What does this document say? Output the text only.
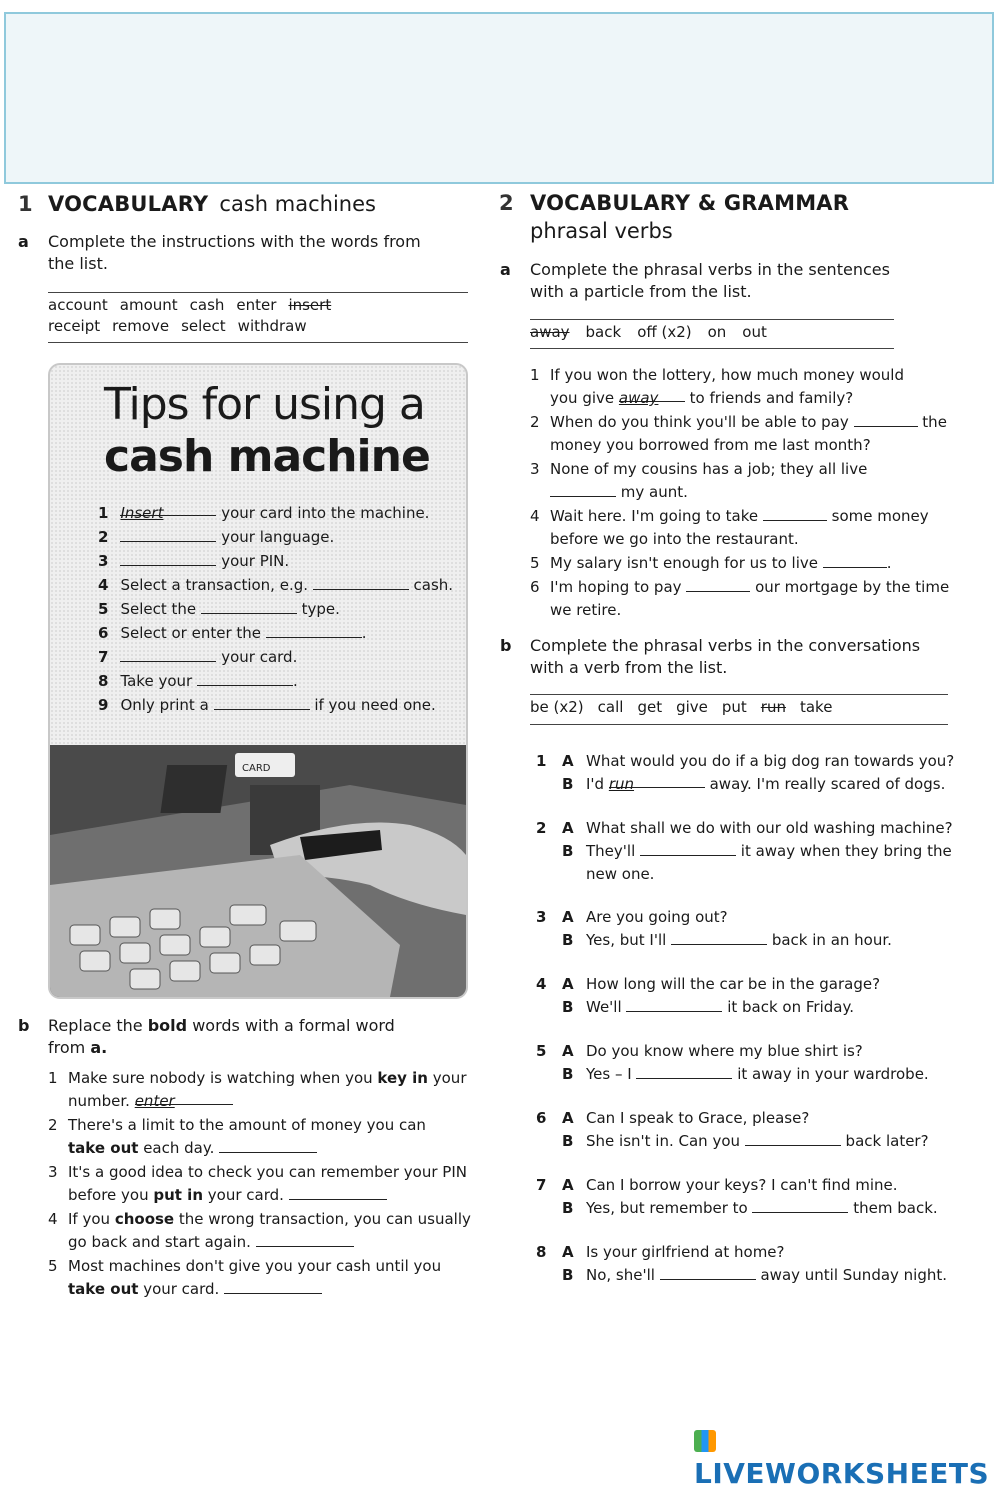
1 VOCABULARY cash machines
a Complete the instructions with the words from
the list.
account amount cash enter insert
receipt remove select withdraw
Tips for using a
cash machine
1 Insert	your card into the machine.
2	your language.
3	your PIN.
4 Select a transaction, e.g.	cash.
5 Select the	type.
6 Select or enter the	.
7	your card.
8 Take your	.
9 Only print a	if you need one.
CARD
b Replace the bold words with a formal word
from a.
1 Make sure nobody is watching when you key in your
number. enter
2 There's a limit to the amount of money you can
take out each day.
3 It's a good idea to check you can remember your PIN
before you put in your card.
4 If you choose the wrong transaction, you can usually
go back and start again.
5 Most machines don't give you your cash until you
take out your card.
2 VOCABULARY & GRAMMAR
phrasal verbs
a Complete the phrasal verbs in the sentences
with a particle from the list.
away back off (x2) on out
1 If you won the lottery, how much money would
you give away to friends and family?
2 When do you think you'll be able to pay	the
money you borrowed from me last month?
3 None of my cousins has a job; they all live
my aunt.
4 Wait here. I'm going to take	some money
before we go into the restaurant.
5 My salary isn't enough for us to live	.
6 I'm hoping to pay	our mortgage by the time
we retire.
b Complete the phrasal verbs in the conversations
with a verb from the list.
be (x2) call get give put run take
1 A What would you do if a big dog ran towards you?
B I'd run	away. I'm really scared of dogs.
2 A What shall we do with our old washing machine?
B They'll	it away when they bring the
new one.
3 A Are you going out?
B Yes, but I'll	back in an hour.
4 A How long will the car be in the garage?
B We'll	it back on Friday.
5 A Do you know where my blue shirt is?
B Yes – I	it away in your wardrobe.
6 A Can I speak to Grace, please?
B She isn't in. Can you	back later?
7 A Can I borrow your keys? I can't find mine.
B Yes, but remember to	them back.
8 A Is your girlfriend at home?
B No, she'll	away until Sunday night.
LIVEWORKSHEETS
